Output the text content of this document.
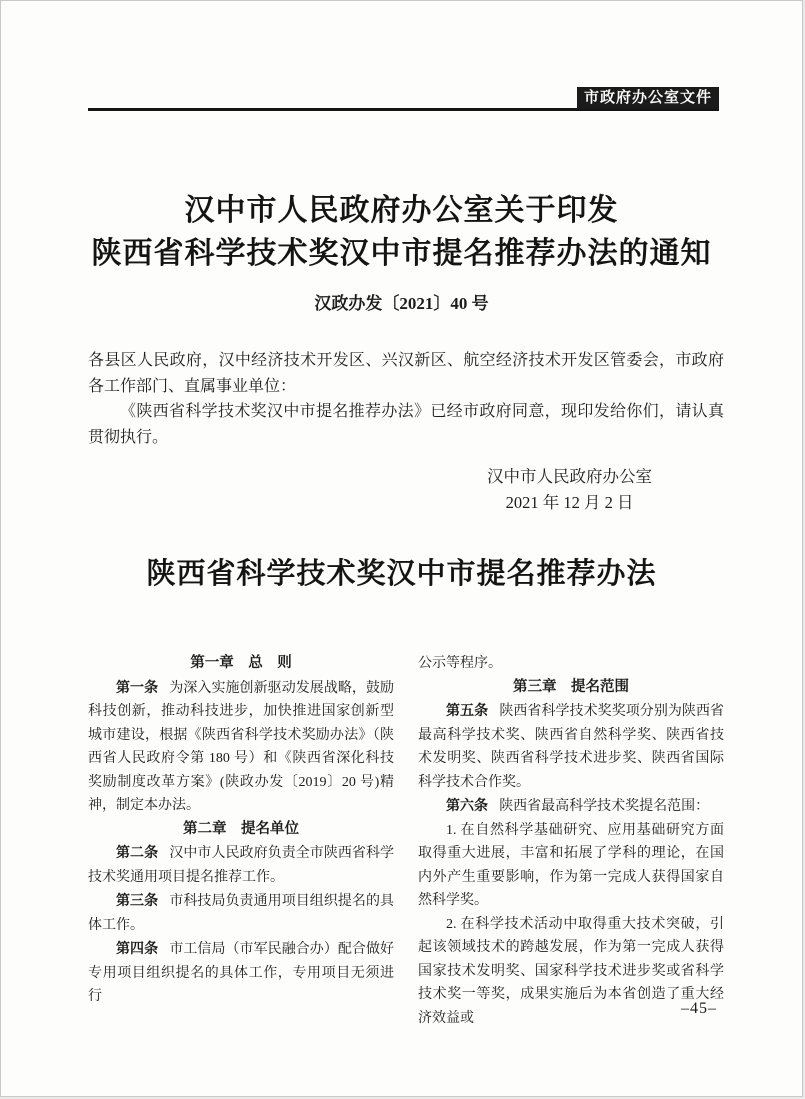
市政府办公室文件
汉中市人民政府办公室关于印发
陕西省科学技术奖汉中市提名推荐办法的通知
汉政办发〔2021〕40 号

各县区人民政府，汉中经济技术开发区、兴汉新区、航空经济技术开发区管委会，市政府各工作部门、直属事业单位：

《陕西省科学技术奖汉中市提名推荐办法》已经市政府同意，现印发给你们，请认真贯彻执行。

汉中市人民政府办公室
2021 年 12 月 2 日
陕西省科学技术奖汉中市提名推荐办法

第一章　总　则

第一条 为深入实施创新驱动发展战略，鼓励科技创新，推动科技进步，加快推进国家创新型城市建设，根据《陕西省科学技术奖励办法》（陕西省人民政府令第 180 号）和《陕西省深化科技奖励制度改革方案》(陕政办发〔2019〕20 号)精神，制定本办法。

第二章　提名单位

第二条 汉中市人民政府负责全市陕西省科学技术奖通用项目提名推荐工作。

第三条 市科技局负责通用项目组织提名的具体工作。

第四条 市工信局（市军民融合办）配合做好专用项目组织提名的具体工作，专用项目无须进行

公示等程序。

第三章　提名范围

第五条 陕西省科学技术奖奖项分别为陕西省最高科学技术奖、陕西省自然科学奖、陕西省技术发明奖、陕西省科学技术进步奖、陕西省国际科学技术合作奖。

第六条 陕西省最高科学技术奖提名范围：

1. 在自然科学基础研究、应用基础研究方面取得重大进展，丰富和拓展了学科的理论，在国内外产生重要影响，作为第一完成人获得国家自然科学奖。

2. 在科学技术活动中取得重大技术突破，引起该领域技术的跨越发展，作为第一完成人获得国家技术发明奖、国家科学技术进步奖或省科学技术奖一等奖，成果实施后为本省创造了重大经济效益或

–45–
